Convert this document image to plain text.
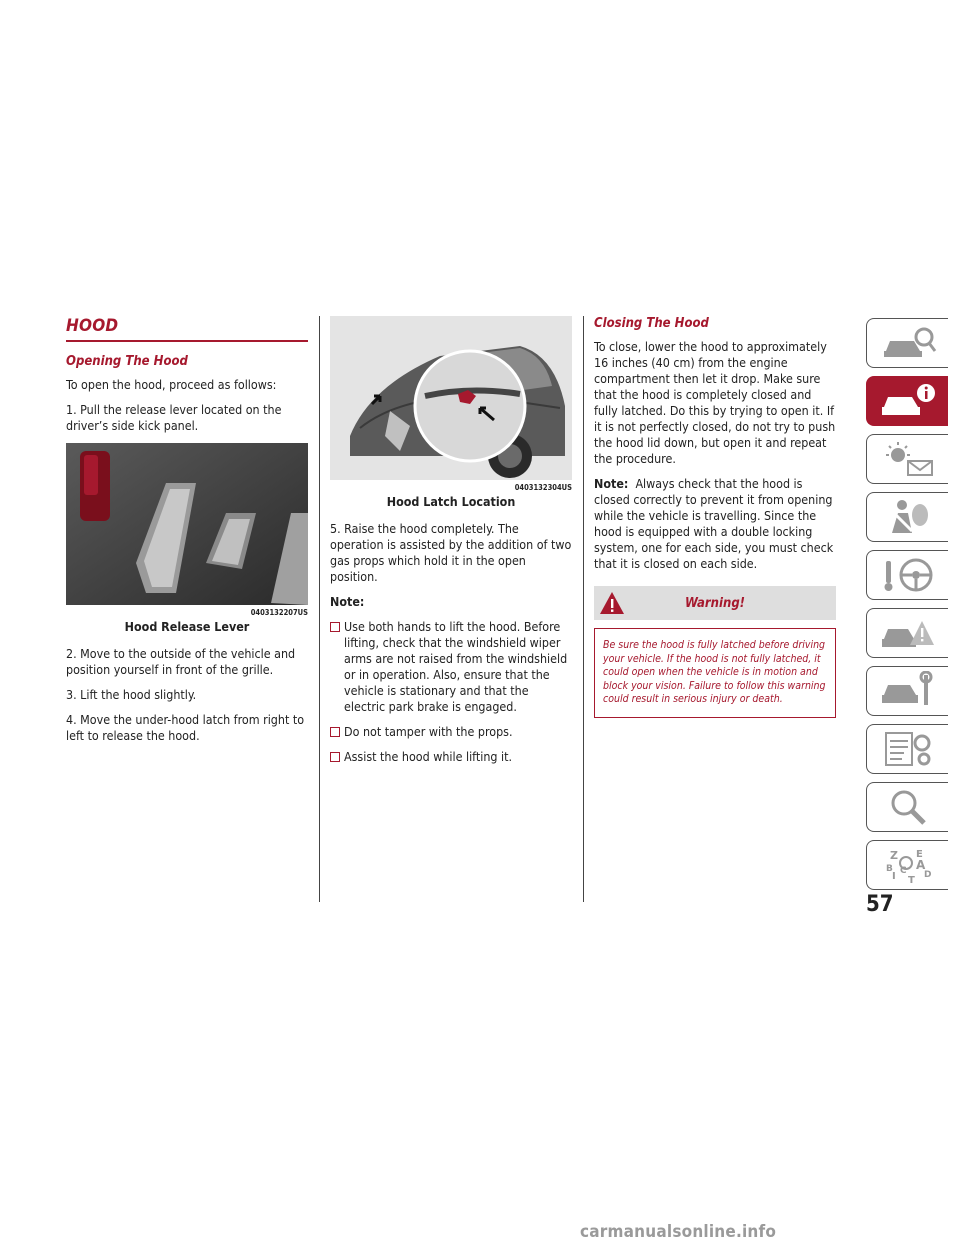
HOOD
Opening The Hood

To open the hood, proceed as follows:

1. Pull the release lever located on the driver’s side kick panel.

0403132207US
Hood Release Lever

2. Move to the outside of the vehicle and position yourself in front of the grille.

3. Lift the hood slightly.

4. Move the under-hood latch from right to left to release the hood.

0403132304US
Hood Latch Location

5. Raise the hood completely. The operation is assisted by the addition of two gas props which hold it in the open position.

Note:

Use both hands to lift the hood. Before lifting, check that the windshield wiper arms are not raised from the windshield or in operation. Also, ensure that the vehicle is stationary and that the electric park brake is engaged.
Do not tamper with the props.
Assist the hood while lifting it.
Closing The Hood

To close, lower the hood to approximately 16 inches (40 cm) from the engine compartment then let it drop. Make sure that the hood is completely closed and fully latched. Do this by trying to open it. If it is not perfectly closed, do not try to push the hood lid down, but open it and repeat the procedure.

Note: Always check that the hood is closed correctly to prevent it from opening while the vehicle is travelling. Since the hood is equipped with a double locking system, one for each side, you must check that it is closed on each side.

Warning!
Be sure the hood is fully latched before driving your vehicle. If the hood is not fully latched, it could open when the vehicle is in motion and block your vision. Failure to follow this warning could result in serious injury or death.
Z E
B A
I C
T D
57
carmanualsonline.info
